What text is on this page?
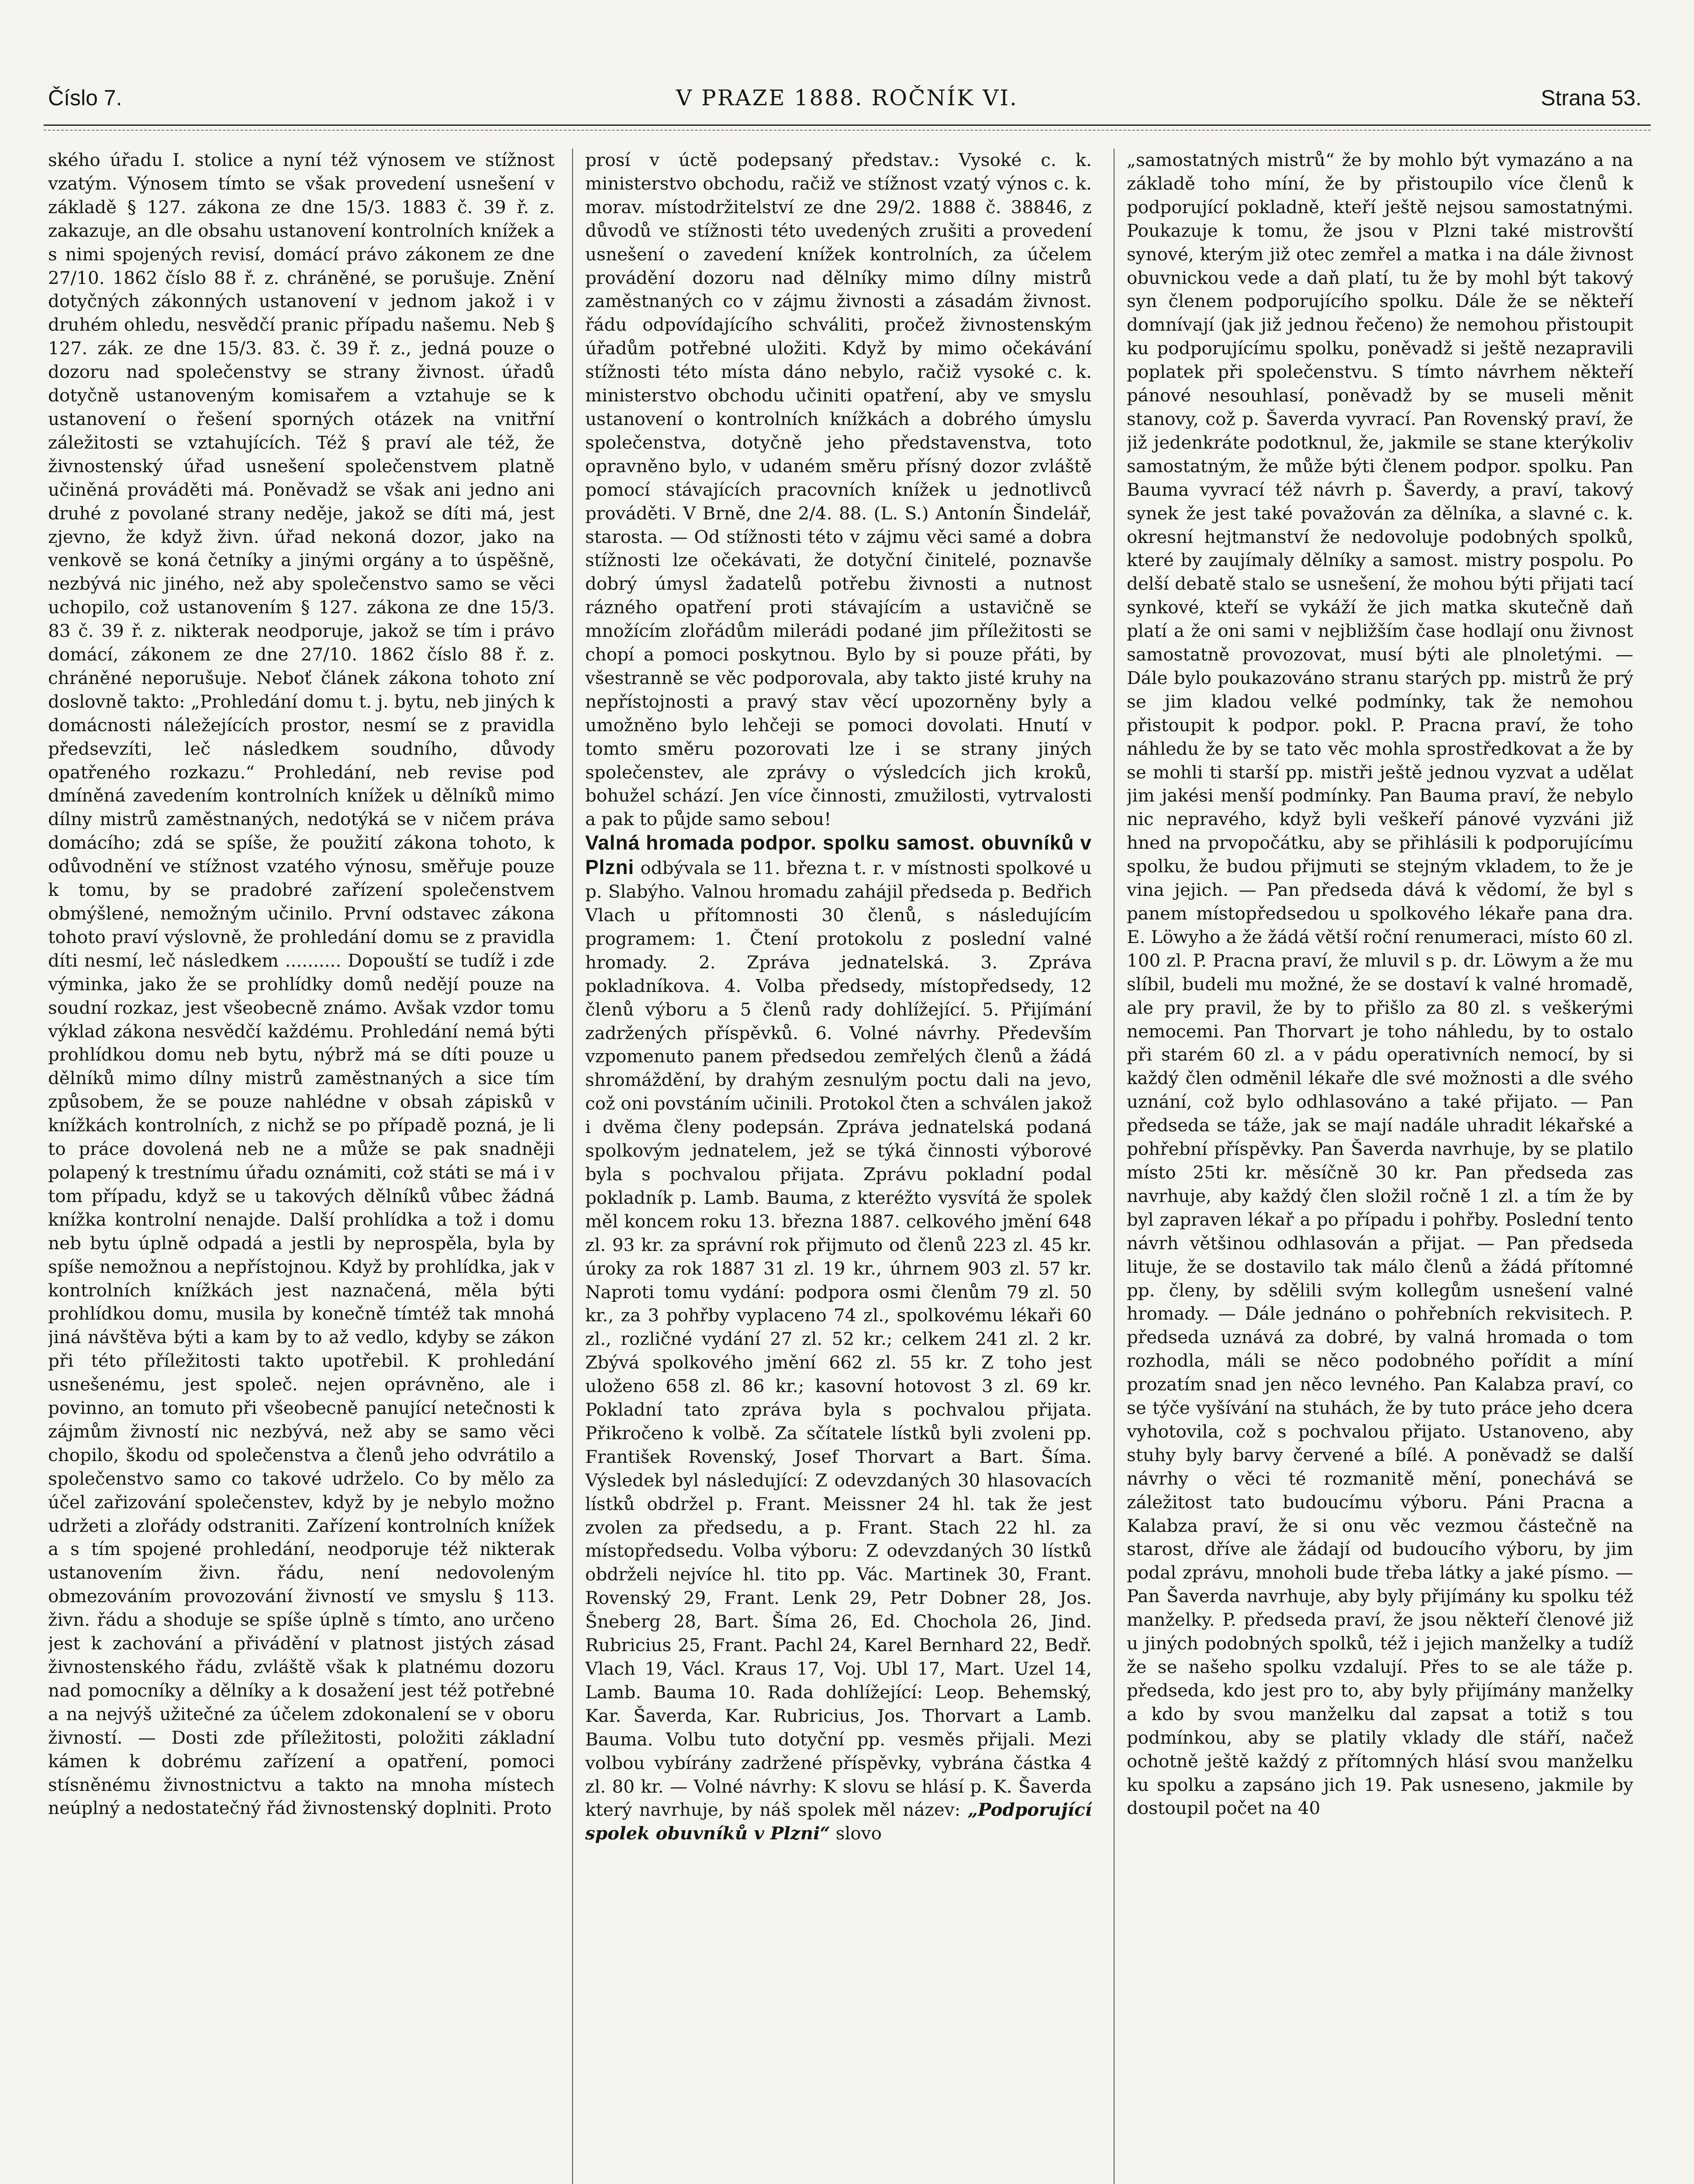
Číslo 7.	V PRAZE 1888. ROČNÍK VI.	Strana 53.

ského úřadu I. stolice a nyní též výnosem ve stížnost vzatým. Výnosem tímto se však provedení usnešení v základě § 127. zákona ze dne 15/3. 1883 č. 39 ř. z. zakazuje, an dle obsahu ustanovení kontrolních knížek a s nimi spojených revisí, domácí právo zákonem ze dne 27/10. 1862 číslo 88 ř. z. chráněné, se porušuje. Znění dotyčných zákonných ustanovení v jednom jakož i v druhém ohledu, nesvědčí pranic případu našemu. Neb § 127. zák. ze dne 15/3. 83. č. 39 ř. z., jedná pouze o dozoru nad společenstvy se strany živnost. úřadů dotyčně ustanoveným komisařem a vztahuje se k ustanovení o řešení sporných otázek na vnitřní záležitosti se vztahujících. Též § praví ale též, že živnostenský úřad usnešení společenstvem platně učiněná prováděti má. Poněvadž se však ani jedno ani druhé z povolané strany neděje, jakož se díti má, jest zjevno, že když živn. úřad nekoná dozor, jako na venkově se koná četníky a jinými orgány a to úspěšně, nezbývá nic jiného, než aby společenstvo samo se věci uchopilo, což ustanovením § 127. zákona ze dne 15/3. 83 č. 39 ř. z. nikterak neodporuje, jakož se tím i právo domácí, zákonem ze dne 27/10. 1862 číslo 88 ř. z. chráněné neporušuje. Neboť článek zákona tohoto zní doslovně takto: „Prohledání domu t. j. bytu, neb jiných k domácnosti náležejících prostor, nesmí se z pravidla předsevzíti, leč následkem soudního, důvody opatřeného rozkazu.“ Prohledání, neb revise pod dmíněná zavedením kontrolních knížek u dělníků mimo dílny mistrů zaměstnaných, nedotýká se v ničem práva domácího; zdá se spíše, že použití zákona tohoto, k odůvodnění ve stížnost vzatého výnosu, směřuje pouze k tomu, by se pradobré zařízení společenstvem obmýšlené, nemožným učinilo. První odstavec zákona tohoto praví výslovně, že prohledání domu se z pravidla díti nesmí, leč následkem .......... Dopouští se tudíž i zde výminka, jako že se prohlídky domů nedějí pouze na soudní rozkaz, jest všeobecně známo. Avšak vzdor tomu výklad zákona nesvědčí každému. Prohledání nemá býti prohlídkou domu neb bytu, nýbrž má se díti pouze u dělníků mimo dílny mistrů zaměstnaných a sice tím způsobem, že se pouze nahlédne v obsah zápisků v knížkách kontrolních, z nichž se po případě pozná, je li to práce dovolená neb ne a může se pak snadněji polapený k trestnímu úřadu oznámiti, což státi se má i v tom případu, když se u takových dělníků vůbec žádná knížka kontrolní nenajde. Další prohlídka a tož i domu neb bytu úplně odpadá a jestli by neprospěla, byla by spíše nemožnou a nepřístojnou. Když by prohlídka, jak v kontrolních knížkách jest naznačená, měla býti prohlídkou domu, musila by konečně tímtéž tak mnohá jiná návštěva býti a kam by to až vedlo, kdyby se zákon při této příležitosti takto upotřebil. K prohledání usnešenému, jest společ. nejen oprávněno, ale i povinno, an tomuto při všeobecně panující netečnosti k zájmům živností nic nezbývá, než aby se samo věci chopilo, škodu od společenstva a členů jeho odvrátilo a společenstvo samo co takové udrželo. Co by mělo za účel zařizování společenstev, když by je nebylo možno udržeti a zlořády odstraniti. Zařízení kontrolních knížek a s tím spojené prohledání, neodporuje též nikterak ustanovením živn. řádu, není nedovoleným obmezováním provozování živností ve smyslu § 113. živn. řádu a shoduje se spíše úplně s tímto, ano určeno jest k zachování a přivádění v platnost jistých zásad živnostenského řádu, zvláště však k platnému dozoru nad pomocníky a dělníky a k dosažení jest též potřebné a na nejvýš užitečné za účelem zdokonalení se v oboru živností. — Dosti zde příležitosti, položiti základní kámen k dobrému zařízení a opatření, pomoci stísněnému živnostnictvu a takto na mnoha místech neúplný a nedostatečný řád živnostenský doplniti. Proto

prosí v úctě podepsaný představ.: Vysoké c. k. ministerstvo obchodu, račiž ve stížnost vzatý výnos c. k. morav. místodržitelství ze dne 29/2. 1888 č. 38846, z důvodů ve stížnosti této uvedených zrušiti a provedení usnešení o zavedení knížek kontrolních, za účelem provádění dozoru nad dělníky mimo dílny mistrů zaměstnaných co v zájmu živnosti a zásadám živnost. řádu odpovídajícího schváliti, pročež živnostenským úřadům potřebné uložiti. Když by mimo očekávání stížnosti této místa dáno nebylo, račiž vysoké c. k. ministerstvo obchodu učiniti opatření, aby ve smyslu ustanovení o kontrolních knížkách a dobrého úmyslu společenstva, dotyčně jeho představenstva, toto opravněno bylo, v udaném směru přísný dozor zvláště pomocí stávajících pracovních knížek u jednotlivců prováděti. V Brně, dne 2/4. 88. (L. S.) Antonín Šindelář, starosta. — Od stížnosti této v zájmu věci samé a dobra stížnosti lze očekávati, že dotyční činitelé, poznavše dobrý úmysl žadatelů potřebu živnosti a nutnost rázného opatření proti stávajícím a ustavičně se množícím zlořádům milerádi podané jim příležitosti se chopí a pomoci poskytnou. Bylo by si pouze přáti, by všestranně se věc podporovala, aby takto jisté kruhy na nepřístojnosti a pravý stav věcí upozorněny byly a umožněno bylo lehčeji se pomoci dovolati. Hnutí v tomto směru pozorovati lze i se strany jiných společenstev, ale zprávy o výsledcích jich kroků, bohužel schází. Jen více činnosti, zmužilosti, vytrvalosti a pak to půjde samo sebou!

Valná hromada podpor. spolku samost. obuvníků v Plzni odbývala se 11. března t. r. v místnosti spolkové u p. Slabýho. Valnou hromadu zahájil předseda p. Bedřich Vlach u přítomnosti 30 členů, s následujícím programem: 1. Čtení protokolu z poslední valné hromady. 2. Zpráva jednatelská. 3. Zpráva pokladníkova. 4. Volba předsedy, místopředsedy, 12 členů výboru a 5 členů rady dohlížející. 5. Přijímání zadržených příspěvků. 6. Volné návrhy. Především vzpomenuto panem předsedou zemřelých členů a žádá shromáždění, by drahým zesnulým poctu dali na jevo, což oni povstáním učinili. Protokol čten a schválen jakož i dvěma členy podepsán. Zpráva jednatelská podaná spolkovým jednatelem, jež se týká činnosti výborové byla s pochvalou přijata. Zprávu pokladní podal pokladník p. Lamb. Bauma, z kteréžto vysvítá že spolek měl koncem roku 13. března 1887. celkového jmění 648 zl. 93 kr. za správní rok přijmuto od členů 223 zl. 45 kr. úroky za rok 1887 31 zl. 19 kr., úhrnem 903 zl. 57 kr. Naproti tomu vydání: podpora osmi členům 79 zl. 50 kr., za 3 pohřby vyplaceno 74 zl., spolkovému lékaři 60 zl., rozličné vydání 27 zl. 52 kr.; celkem 241 zl. 2 kr. Zbývá spolkového jmění 662 zl. 55 kr. Z toho jest uloženo 658 zl. 86 kr.; kasovní hotovost 3 zl. 69 kr. Pokladní tato zpráva byla s pochvalou přijata. Přikročeno k volbě. Za sčítatele lístků byli zvoleni pp. František Rovenský, Josef Thorvart a Bart. Šíma. Výsledek byl následující: Z odevzdaných 30 hlasovacích lístků obdržel p. Frant. Meissner 24 hl. tak že jest zvolen za předsedu, a p. Frant. Stach 22 hl. za místopředsedu. Volba výboru: Z odevzdaných 30 lístků obdrželi nejvíce hl. tito pp. Vác. Martinek 30, Frant. Rovenský 29, Frant. Lenk 29, Petr Dobner 28, Jos. Šneberg 28, Bart. Šíma 26, Ed. Chochola 26, Jind. Rubricius 25, Frant. Pachl 24, Karel Bernhard 22, Bedř. Vlach 19, Václ. Kraus 17, Voj. Ubl 17, Mart. Uzel 14, Lamb. Bauma 10. Rada dohlížející: Leop. Behemský, Kar. Šaverda, Kar. Rubricius, Jos. Thorvart a Lamb. Bauma. Volbu tuto dotyční pp. vesměs přijali. Mezi volbou vybírány zadržené příspěvky, vybrána částka 4 zl. 80 kr. — Volné návrhy: K slovu se hlásí p. K. Šaverda který navrhuje, by náš spolek měl název: „Podporující spolek obuvníků v Plzni“ slovo

„samostatných mistrů“ že by mohlo být vymazáno a na základě toho míní, že by přistoupilo více členů k podporující pokladně, kteří ještě nejsou samostatnými. Poukazuje k tomu, že jsou v Plzni také mistrovští synové, kterým již otec zemřel a matka i na dále živnost obuvnickou vede a daň platí, tu že by mohl být takový syn členem podporujícího spolku. Dále že se někteří domnívají (jak již jednou řečeno) že nemohou přistoupit ku podporujícímu spolku, poněvadž si ještě nezapravili poplatek při společenstvu. S tímto návrhem někteří pánové nesouhlasí, poněvadž by se museli měnit stanovy, což p. Šaverda vyvrací. Pan Rovenský praví, že již jedenkráte podotknul, že, jakmile se stane kterýkoliv samostatným, že může býti členem podpor. spolku. Pan Bauma vyvrací též návrh p. Šaverdy, a praví, takový synek že jest také považován za dělníka, a slavné c. k. okresní hejtmanství že nedovoluje podobných spolků, které by zaujímaly dělníky a samost. mistry pospolu. Po delší debatě stalo se usnešení, že mohou býti přijati tací synkové, kteří se vykáží že jich matka skutečně daň platí a že oni sami v nejbližším čase hodlají onu živnost samostatně provozovat, musí býti ale plnoletými. — Dále bylo poukazováno stranu starých pp. mistrů že prý se jim kladou velké podmínky, tak že nemohou přistoupit k podpor. pokl. P. Pracna praví, že toho náhledu že by se tato věc mohla sprostředkovat a že by se mohli ti starší pp. mistři ještě jednou vyzvat a udělat jim jakési menší podmínky. Pan Bauma praví, že nebylo nic nepravého, když byli veškeří pánové vyzváni již hned na prvopočátku, aby se přihlásili k podporujícímu spolku, že budou přijmuti se stejným vkladem, to že je vina jejich. — Pan předseda dává k vědomí, že byl s panem místopředsedou u spolkového lékaře pana dra. E. Löwyho a že žádá větší roční renumeraci, místo 60 zl. 100 zl. P. Pracna praví, že mluvil s p. dr. Löwym a že mu slíbil, budeli mu možné, že se dostaví k valné hromadě, ale pry pravil, že by to přišlo za 80 zl. s veškerými nemocemi. Pan Thorvart je toho náhledu, by to ostalo při starém 60 zl. a v pádu operativních nemocí, by si každý člen odměnil lékaře dle své možnosti a dle svého uznání, což bylo odhlasováno a také přijato. — Pan předseda se táže, jak se mají nadále uhradit lékařské a pohřební příspěvky. Pan Šaverda navrhuje, by se platilo místo 25ti kr. měsíčně 30 kr. Pan předseda zas navrhuje, aby každý člen složil ročně 1 zl. a tím že by byl zapraven lékař a po případu i pohřby. Poslední tento návrh většinou odhlasován a přijat. — Pan předseda lituje, že se dostavilo tak málo členů a žádá přítomné pp. členy, by sdělili svým kollegům usnešení valné hromady. — Dále jednáno o pohřebních rekvisitech. P. předseda uznává za dobré, by valná hromada o tom rozhodla, máli se něco podobného pořídit a míní prozatím snad jen něco levného. Pan Kalabza praví, co se týče vyšívání na stuhách, že by tuto práce jeho dcera vyhotovila, což s pochvalou přijato. Ustanoveno, aby stuhy byly barvy červené a bílé. A poněvadž se další návrhy o věci té rozmanitě mění, ponechává se záležitost tato budoucímu výboru. Páni Pracna a Kalabza praví, že si onu věc vezmou částečně na starost, dříve ale žádají od budoucího výboru, by jim podal zprávu, mnoholi bude třeba látky a jaké písmo. — Pan Šaverda navrhuje, aby byly přijímány ku spolku též manželky. P. předseda praví, že jsou někteří členové již u jiných podobných spolků, též i jejich manželky a tudíž že se našeho spolku vzdalují. Přes to se ale táže p. předseda, kdo jest pro to, aby byly přijímány manželky a kdo by svou manželku dal zapsat a totiž s tou podmínkou, aby se platily vklady dle stáří, načež ochotně ještě každý z přítomných hlásí svou manželku ku spolku a zapsáno jich 19. Pak usneseno, jakmile by dostoupil počet na 40
